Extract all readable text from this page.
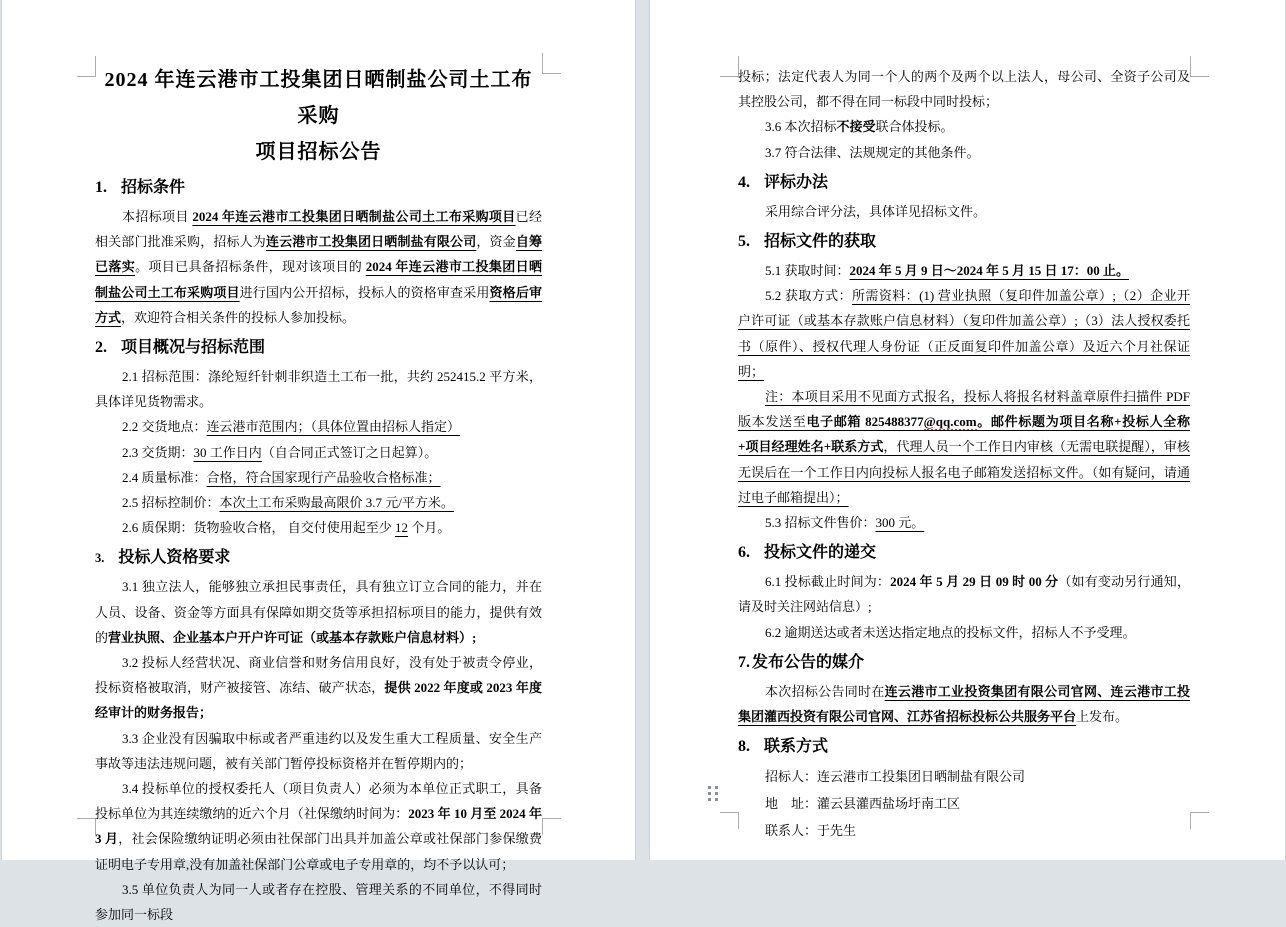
2024 年连云港市工投集团日晒制盐公司土工布采购
项目招标公告
1. 招标条件

本招标项目 2024 年连云港市工投集团日晒制盐公司土工布采购项目已经相关部门批准采购，招标人为连云港市工投集团日晒制盐有限公司，资金自筹已落实。项目已具备招标条件，现对该项目的 2024 年连云港市工投集团日晒制盐公司土工布采购项目进行国内公开招标，投标人的资格审查采用资格后审方式，欢迎符合相关条件的投标人参加投标。

2. 项目概况与招标范围

2.1 招标范围：涤纶短纤针刺非织造土工布一批，共约 252415.2 平方米，具体详见货物需求。

2.2 交货地点：连云港市范围内；（具体位置由招标人指定）

2.3 交货期：30 工作日内（自合同正式签订之日起算）。

2.4 质量标准：合格，符合国家现行产品验收合格标准；

2.5 招标控制价：本次土工布采购最高限价 3.7 元/平方米。

2.6 质保期：货物验收合格， 自交付使用起至少 12 个月。

3. 投标人资格要求

3.1 独立法人，能够独立承担民事责任，具有独立订立合同的能力，并在人员、设备、资金等方面具有保障如期交货等承担招标项目的能力，提供有效的营业执照、企业基本户开户许可证（或基本存款账户信息材料）;

3.2 投标人经营状况、商业信誉和财务信用良好，没有处于被责令停业，投标资格被取消，财产被接管、冻结、破产状态，提供 2022 年度或 2023 年度经审计的财务报告；

3.3 企业没有因骗取中标或者严重违约以及发生重大工程质量、安全生产事故等违法违规问题，被有关部门暂停投标资格并在暂停期内的；

3.4 投标单位的授权委托人（项目负责人）必须为本单位正式职工，具备投标单位为其连续缴纳的近六个月（社保缴纳时间为：2023 年 10 月至 2024 年 3 月，社会保险缴纳证明必须由社保部门出具并加盖公章或社保部门参保缴费证明电子专用章,没有加盖社保部门公章或电子专用章的，均不予以认可；

3.5 单位负责人为同一人或者存在控股、管理关系的不同单位，不得同时参加同一标段

投标；法定代表人为同一个人的两个及两个以上法人，母公司、全资子公司及其控股公司，都不得在同一标段中同时投标；

3.6 本次招标不接受联合体投标。

3.7 符合法律、法规规定的其他条件。

4. 评标办法

采用综合评分法，具体详见招标文件。

5. 招标文件的获取

5.1 获取时间：2024 年 5 月 9 日～2024 年 5 月 15 日 17：00 止。

5.2 获取方式：所需资料：(1) 营业执照（复印件加盖公章）;（2）企业开户许可证（或基本存款账户信息材料）（复印件加盖公章）;（3）法人授权委托书（原件）、授权代理人身份证（正反面复印件加盖公章）及近六个月社保证明；

注：本项目采用不见面方式报名，投标人将报名材料盖章原件扫描件 PDF 版本发送至电子邮箱 825488377@qq.com。邮件标题为项目名称+投标人全称+项目经理姓名+联系方式，代理人员一个工作日内审核（无需电联提醒），审核无误后在一个工作日内向投标人报名电子邮箱发送招标文件。（如有疑问，请通过电子邮箱提出）；

5.3 招标文件售价：300 元。

6. 投标文件的递交

6.1 投标截止时间为：2024 年 5 月 29 日 09 时 00 分（如有变动另行通知，请及时关注网站信息）;

6.2 逾期送达或者未送达指定地点的投标文件，招标人不予受理。

7. 发布公告的媒介

本次招标公告同时在连云港市工业投资集团有限公司官网、连云港市工投集团灌西投资有限公司官网、江苏省招标投标公共服务平台上发布。

8. 联系方式

招标人：连云港市工投集团日晒制盐有限公司

地　址：灌云县灌西盐场圩南工区

联系人：于先生
